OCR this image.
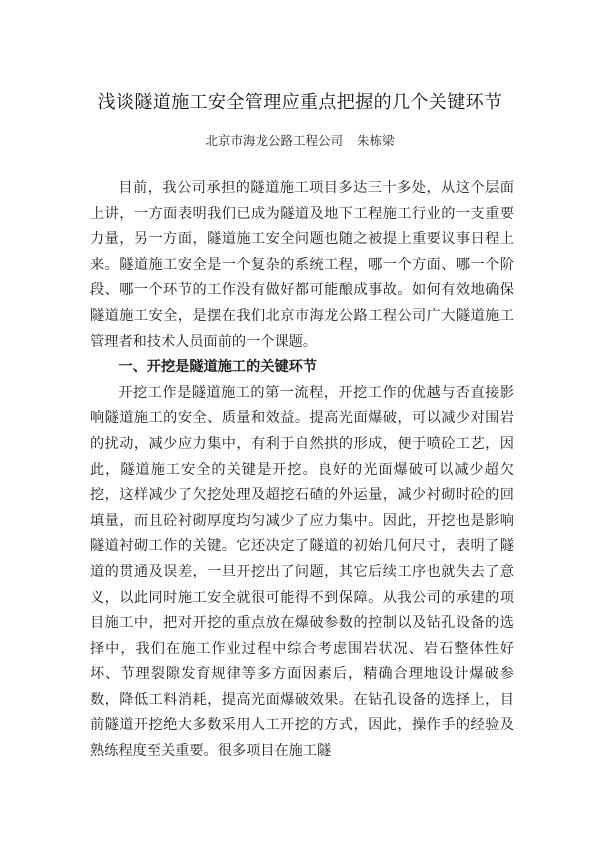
浅谈隧道施工安全管理应重点把握的几个关键环节
北京市海龙公路工程公司 朱栋梁

目前，我公司承担的隧道施工项目多达三十多处，从这个层面上讲，一方面表明我们已成为隧道及地下工程施工行业的一支重要力量，另一方面，隧道施工安全问题也随之被提上重要议事日程上来。隧道施工安全是一个复杂的系统工程，哪一个方面、哪一个阶段、哪一个环节的工作没有做好都可能酿成事故。如何有效地确保隧道施工安全，是摆在我们北京市海龙公路工程公司广大隧道施工管理者和技术人员面前的一个课题。

一、开挖是隧道施工的关键环节

开挖工作是隧道施工的第一流程，开挖工作的优越与否直接影响隧道施工的安全、质量和效益。提高光面爆破，可以减少对围岩的扰动，减少应力集中，有利于自然拱的形成，便于喷砼工艺，因此，隧道施工安全的关键是开挖。良好的光面爆破可以减少超欠挖，这样减少了欠挖处理及超挖石碴的外运量，减少衬砌时砼的回填量，而且砼衬砌厚度均匀减少了应力集中。因此，开挖也是影响隧道衬砌工作的关键。它还决定了隧道的初始几何尺寸，表明了隧道的贯通及误差，一旦开挖出了问题，其它后续工序也就失去了意义，以此同时施工安全就很可能得不到保障。从我公司的承建的项目施工中，把对开挖的重点放在爆破参数的控制以及钻孔设备的选择中，我们在施工作业过程中综合考虑围岩状况、岩石整体性好坏、节理裂隙发育规律等多方面因素后，精确合理地设计爆破参数，降低工料消耗，提高光面爆破效果。在钻孔设备的选择上，目前隧道开挖绝大多数采用人工开挖的方式，因此，操作手的经验及熟练程度至关重要。很多项目在施工隧
